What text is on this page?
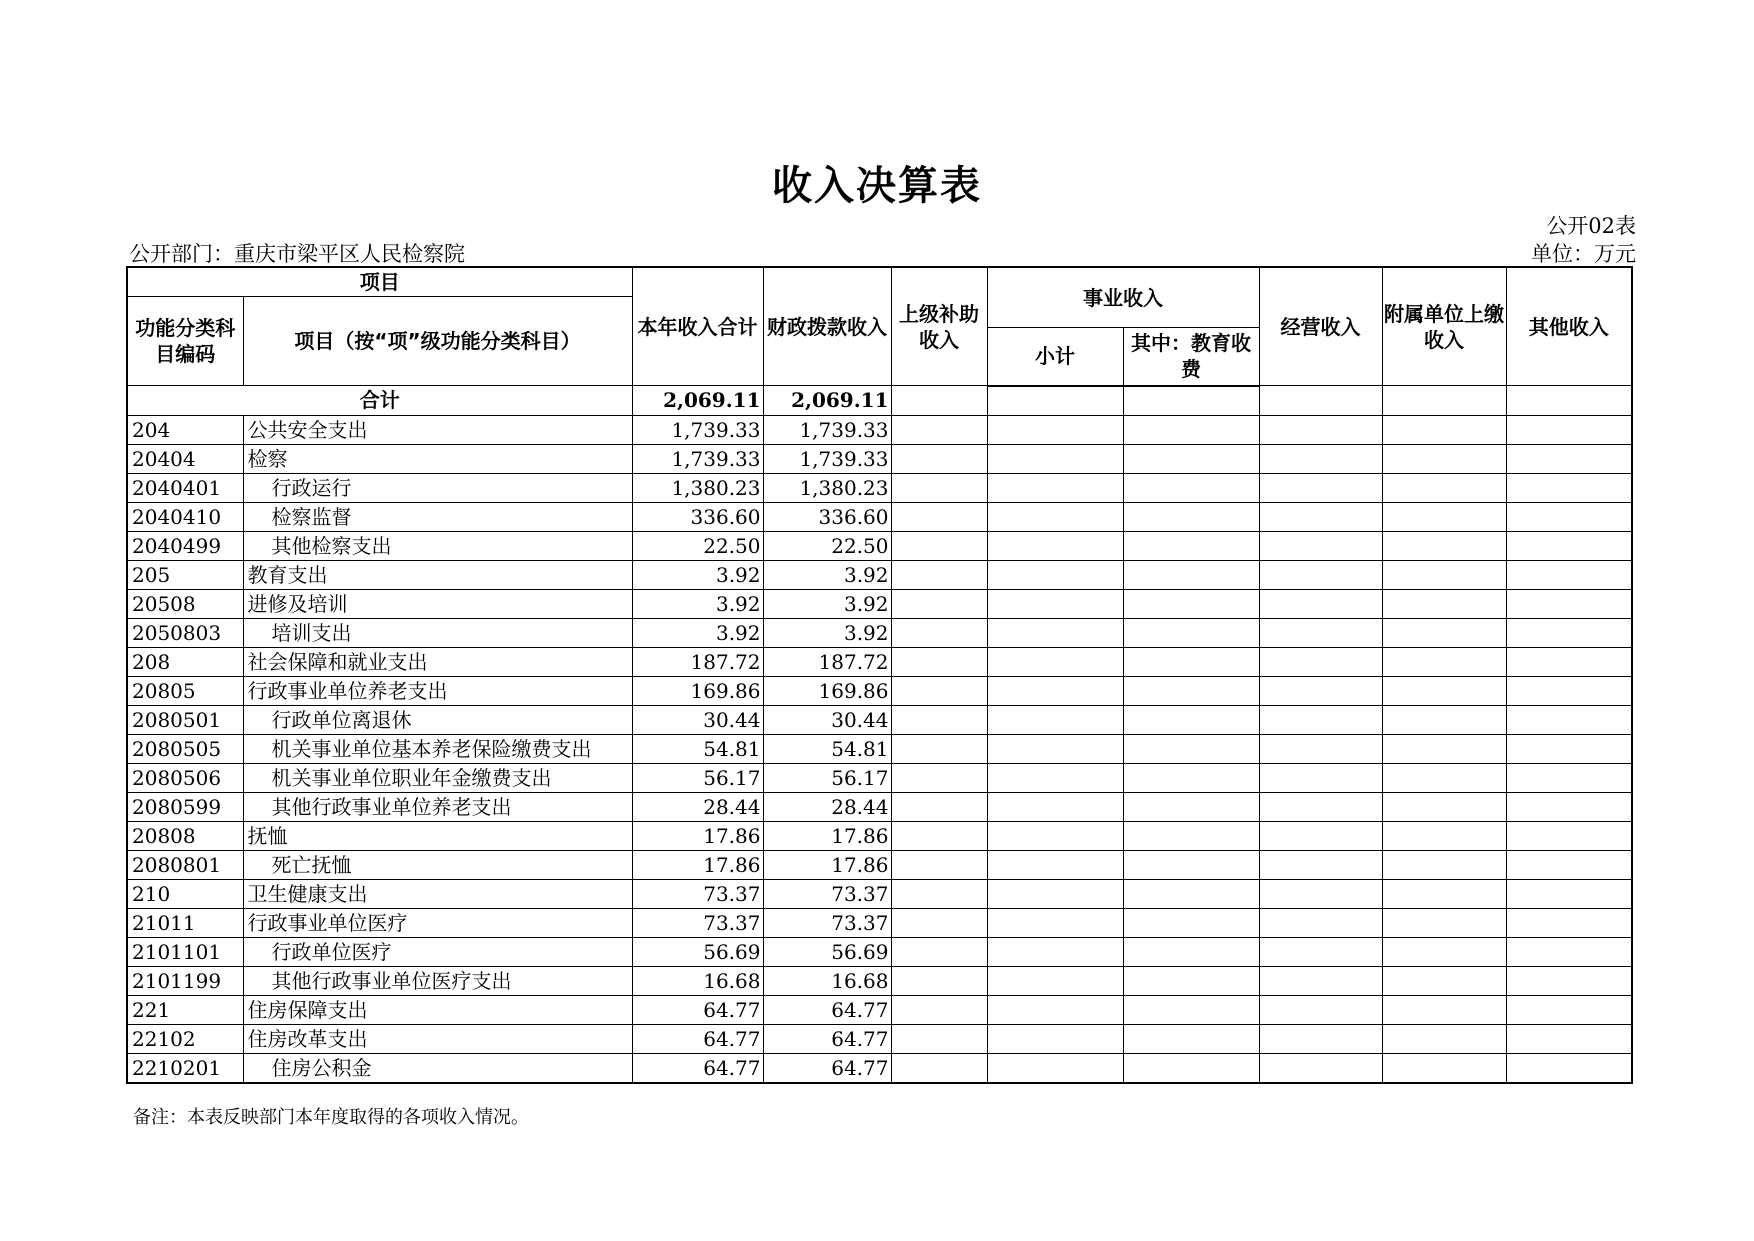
收入决算表
公开02表
公开部门：重庆市梁平区人民检察院	单位：万元
项目		本年收入合计	财政拨款收入	上级补助收入	事业收入		经营收入	附属单位上缴收入	其他收入
功能分类科目编码	项目（按“项”级功能分类科目）								
					小计	其中：教育收费			
合计		2,069.11	2,069.11						
204	公共安全支出	1,739.33	1,739.33						
20404	检察	1,739.33	1,739.33						
2040401	行政运行	1,380.23	1,380.23						
2040410	检察监督	336.60	336.60						
2040499	其他检察支出	22.50	22.50						
205	教育支出	3.92	3.92						
20508	进修及培训	3.92	3.92						
2050803	培训支出	3.92	3.92						
208	社会保障和就业支出	187.72	187.72						
20805	行政事业单位养老支出	169.86	169.86						
2080501	行政单位离退休	30.44	30.44						
2080505	机关事业单位基本养老保险缴费支出	54.81	54.81						
2080506	机关事业单位职业年金缴费支出	56.17	56.17						
2080599	其他行政事业单位养老支出	28.44	28.44						
20808	抚恤	17.86	17.86						
2080801	死亡抚恤	17.86	17.86						
210	卫生健康支出	73.37	73.37						
21011	行政事业单位医疗	73.37	73.37						
2101101	行政单位医疗	56.69	56.69						
2101199	其他行政事业单位医疗支出	16.68	16.68						
221	住房保障支出	64.77	64.77						
22102	住房改革支出	64.77	64.77						
2210201	住房公积金	64.77	64.77						
备注：本表反映部门本年度取得的各项收入情况。
